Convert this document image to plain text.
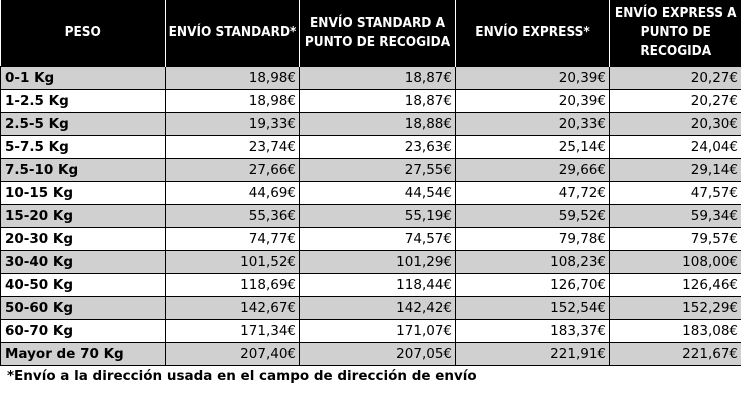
PESO	ENVÍO STANDARD*	ENVÍO STANDARD A PUNTO DE RECOGIDA	ENVÍO EXPRESS*	ENVÍO EXPRESS A PUNTO DE RECOGIDA
0-1 Kg	18,98€	18,87€	20,39€	20,27€
1-2.5 Kg	18,98€	18,87€	20,39€	20,27€
2.5-5 Kg	19,33€	18,88€	20,33€	20,30€
5-7.5 Kg	23,74€	23,63€	25,14€	24,04€
7.5-10 Kg	27,66€	27,55€	29,66€	29,14€
10-15 Kg	44,69€	44,54€	47,72€	47,57€
15-20 Kg	55,36€	55,19€	59,52€	59,34€
20-30 Kg	74,77€	74,57€	79,78€	79,57€
30-40 Kg	101,52€	101,29€	108,23€	108,00€
40-50 Kg	118,69€	118,44€	126,70€	126,46€
50-60 Kg	142,67€	142,42€	152,54€	152,29€
60-70 Kg	171,34€	171,07€	183,37€	183,08€
Mayor de 70 Kg	207,40€	207,05€	221,91€	221,67€
*Envío a la dirección usada en el campo de dirección de envío
